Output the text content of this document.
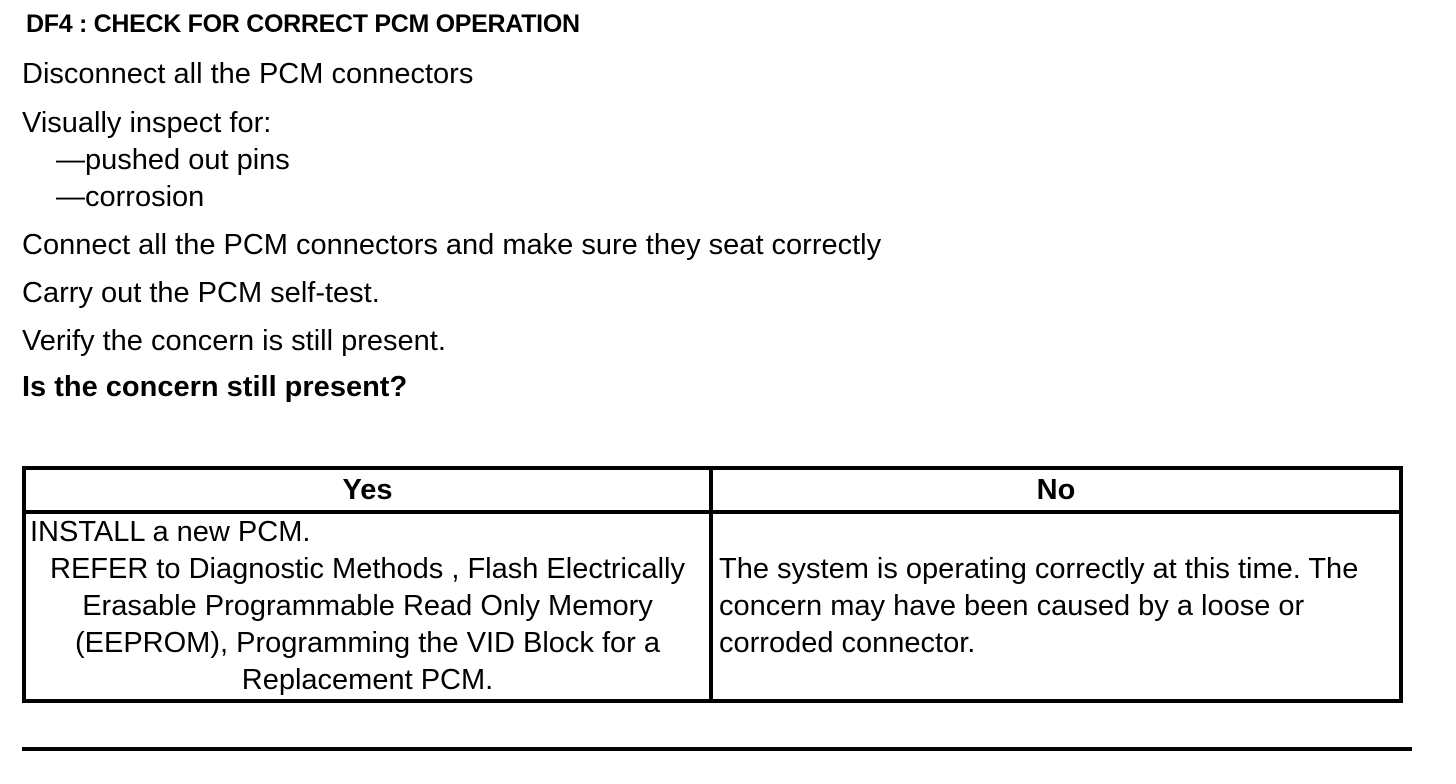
DF4 : CHECK FOR CORRECT PCM OPERATION
Disconnect all the PCM connectors
Visually inspect for:
—pushed out pins
—corrosion
Connect all the PCM connectors and make sure they seat correctly
Carry out the PCM self-test.
Verify the concern is still present.
Is the concern still present?
Yes	No

INSTALL a new PCM.
REFER to Diagnostic Methods , Flash Electrically Erasable Programmable Read Only Memory (EEPROM), Programming the VID Block for a Replacement PCM.	The system is operating correctly at this time. The concern may have been caused by a loose or corroded connector.
